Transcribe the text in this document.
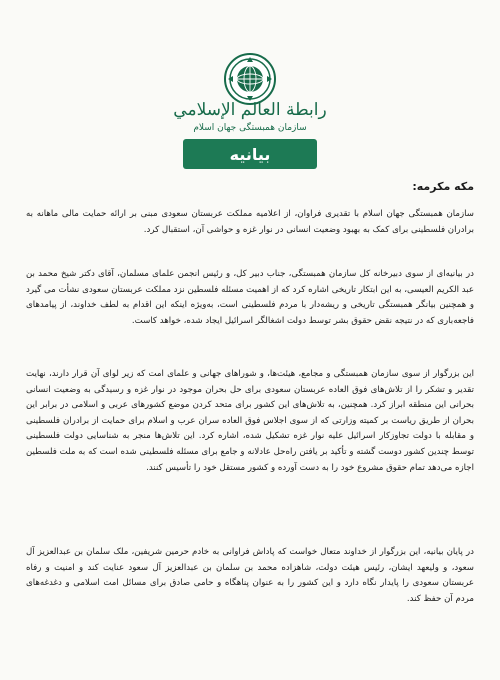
رابطة العالم الإسلامي
سازمان همبستگی جهان اسلام
بیانیه
مکه مکرمه:

سازمان همبستگی جهان اسلام با تقدیری فراوان، از اعلامیه مملکت عربستان سعودی مبنی بر ارائه حمایت مالی ماهانه به برادران فلسطینی برای کمک به بهبود وضعیت انسانی در نوار غزه و حواشی آن، استقبال کرد.

در بیانیه‌ای از سوی دبیرخانه کل سازمان همبستگی، جناب دبیر کل، و رئیس انجمن علمای مسلمان، آقای دکتر شیخ محمد بن عبد الکریم العیسی، به این ابتکار تاریخی اشاره کرد که از اهمیت مسئله فلسطین نزد مملکت عربستان سعودی نشأت می گیرد و همچنین بیانگر همبستگی تاریخی و ریشه‌دار با مردم فلسطینی است، به‌ویژه اینکه این اقدام به لطف خداوند، از پیامدهای فاجعه‌باری که در نتیجه نقض حقوق بشر توسط دولت اشغالگر اسرائیل ایجاد شده، خواهد کاست.

این بزرگوار از سوی سازمان همبستگی و مجامع، هیئت‌ها، و شوراهای جهانی و علمای امت که زیر لوای آن قرار دارند، نهایت تقدیر و تشکر را از تلاش‌های فوق العاده عربستان سعودی برای حل بحران موجود در نوار غزه و رسیدگی به وضعیت انسانی بحرانی این منطقه ابراز کرد. همچنین، به تلاش‌های این کشور برای متحد کردن موضع کشورهای عربی و اسلامی در برابر این بحران از طریق ریاست بر کمیته وزارتی که از سوی اجلاس فوق العاده سران عرب و اسلام برای حمایت از برادران فلسطینی و مقابله با دولت تجاوزکار اسرائیل علیه نوار غزه تشکیل شده، اشاره کرد. این تلاش‌ها منجر به شناسایی دولت فلسطینی توسط چندین کشور دوست گشته و تأکید بر یافتن راه‌حل عادلانه و جامع برای مسئله فلسطینی شده است که به ملت فلسطین اجازه می‌دهد تمام حقوق مشروع خود را به دست آورده و کشور مستقل خود را تأسیس کنند.

در پایان بیانیه، این بزرگوار از خداوند متعال خواست که پاداش فراوانی به خادم حرمین شریفین، ملک سلمان بن عبدالعزیز آل سعود، و ولیعهد ایشان، رئیس هیئت دولت، شاهزاده محمد بن سلمان بن عبدالعزیز آل سعود عنایت کند و امنیت و رفاه عربستان سعودی را پایدار نگاه دارد و این کشور را به عنوان پناهگاه و حامی صادق برای مسائل امت اسلامی و دغدغه‌های مردم آن حفظ کند.
